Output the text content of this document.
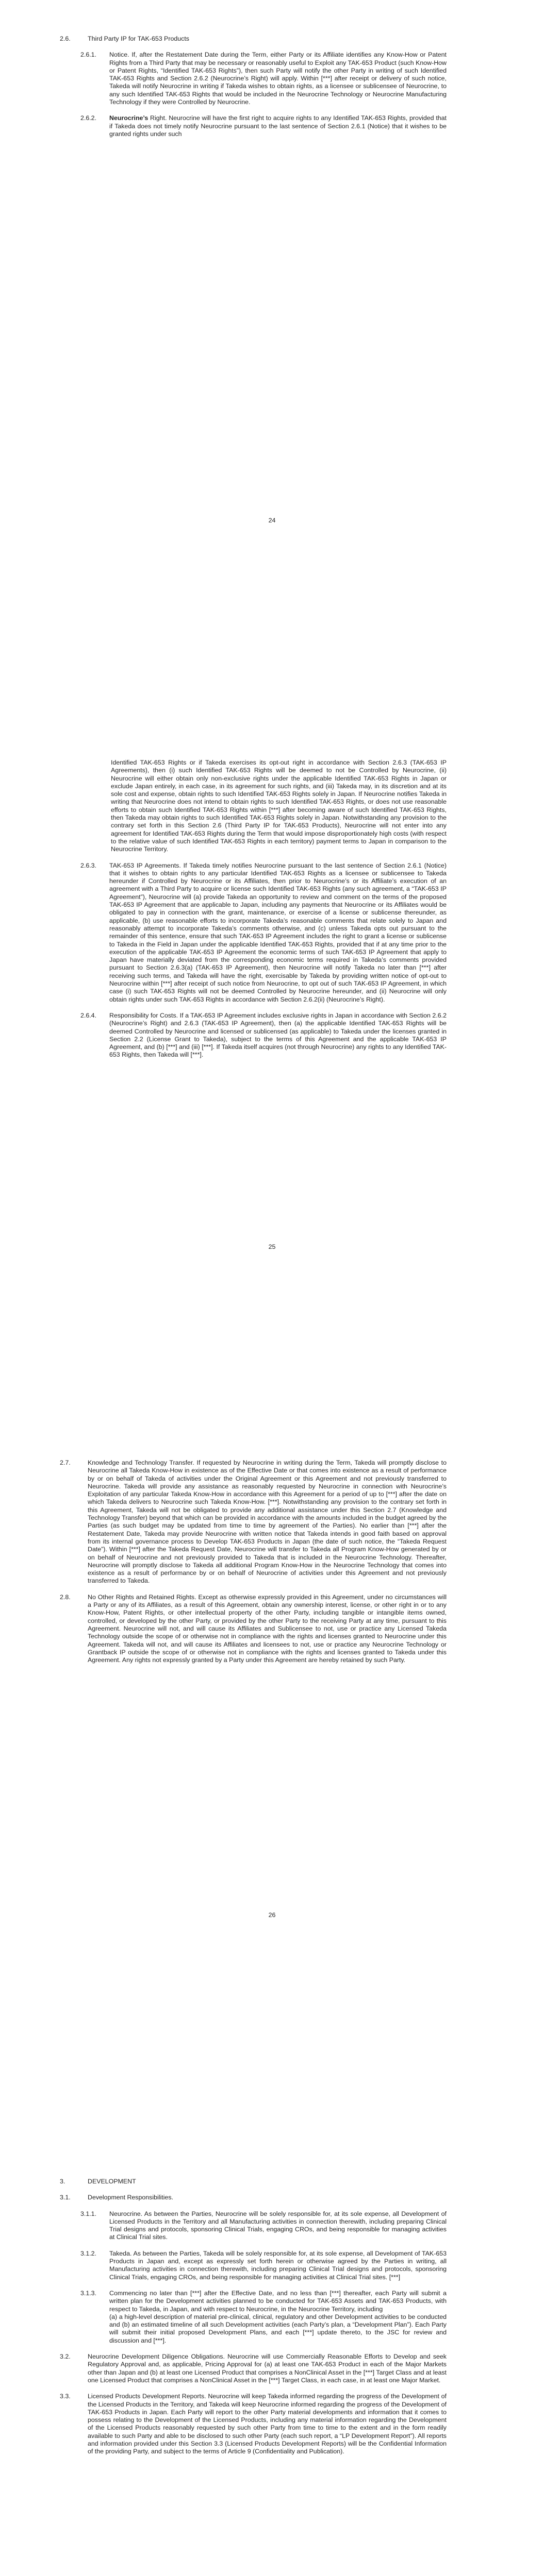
2.6.	Third Party IP for TAK-653 Products
2.6.1.	Notice. If, after the Restatement Date during the Term, either Party or its Affiliate identifies any Know-How or Patent Rights from a Third Party that may be necessary or reasonably useful to Exploit any TAK-653 Product (such Know-How or Patent Rights, “Identified TAK-653 Rights”), then such Party will notify the other Party in writing of such Identified TAK-653 Rights and Section 2.6.2 (Neurocrine’s Right) will apply. Within [***] after receipt or delivery of such notice, Takeda will notify Neurocrine in writing if Takeda wishes to obtain rights, as a licensee or sublicensee of Neurocrine, to any such Identified TAK-653 Rights that would be included in the Neurocrine Technology or Neurocrine Manufacturing Technology if they were Controlled by Neurocrine.
2.6.2.	Neurocrine’s Right. Neurocrine will have the first right to acquire rights to any Identified TAK-653 Rights, provided that if Takeda does not timely notify Neurocrine pursuant to the last sentence of Section 2.6.1 (Notice) that it wishes to be granted rights under such
24
Identified TAK-653 Rights or if Takeda exercises its opt-out right in accordance with Section 2.6.3 (TAK-653 IP Agreements), then (i) such Identified TAK-653 Rights will be deemed to not be Controlled by Neurocrine, (ii) Neurocrine will either obtain only non-exclusive rights under the applicable Identified TAK-653 Rights in Japan or exclude Japan entirely, in each case, in its agreement for such rights, and (iii) Takeda may, in its discretion and at its sole cost and expense, obtain rights to such Identified TAK-653 Rights solely in Japan. If Neurocrine notifies Takeda in writing that Neurocrine does not intend to obtain rights to such Identified TAK-653 Rights, or does not use reasonable efforts to obtain such Identified TAK-653 Rights within [***] after becoming aware of such Identified TAK-653 Rights, then Takeda may obtain rights to such Identified TAK-653 Rights solely in Japan. Notwithstanding any provision to the contrary set forth in this Section 2.6 (Third Party IP for TAK-653 Products), Neurocrine will not enter into any agreement for Identified TAK-653 Rights during the Term that would impose disproportionately high costs (with respect to the relative value of such Identified TAK-653 Rights in each territory) payment terms to Japan in comparison to the Neurocrine Territory.
2.6.3.	TAK-653 IP Agreements. If Takeda timely notifies Neurocrine pursuant to the last sentence of Section 2.6.1 (Notice) that it wishes to obtain rights to any particular Identified TAK-653 Rights as a licensee or sublicensee to Takeda hereunder if Controlled by Neurocrine or its Affiliates, then prior to Neurocrine’s or its Affiliate’s execution of an agreement with a Third Party to acquire or license such Identified TAK-653 Rights (any such agreement, a “TAK-653 IP Agreement”), Neurocrine will (a) provide Takeda an opportunity to review and comment on the terms of the proposed TAK-653 IP Agreement that are applicable to Japan, including any payments that Neurocrine or its Affiliates would be obligated to pay in connection with the grant, maintenance, or exercise of a license or sublicense thereunder, as applicable, (b) use reasonable efforts to incorporate Takeda’s reasonable comments that relate solely to Japan and reasonably attempt to incorporate Takeda’s comments otherwise, and (c) unless Takeda opts out pursuant to the remainder of this sentence, ensure that such TAK-653 IP Agreement includes the right to grant a license or sublicense to Takeda in the Field in Japan under the applicable Identified TAK-653 Rights, provided that if at any time prior to the execution of the applicable TAK-653 IP Agreement the economic terms of such TAK-653 IP Agreement that apply to Japan have materially deviated from the corresponding economic terms required in Takeda’s comments provided pursuant to Section 2.6.3(a) (TAK-653 IP Agreement), then Neurocrine will notify Takeda no later than [***] after receiving such terms, and Takeda will have the right, exercisable by Takeda by providing written notice of opt-out to Neurocrine within [***] after receipt of such notice from Neurocrine, to opt out of such TAK-653 IP Agreement, in which case (i) such TAK-653 Rights will not be deemed Controlled by Neurocrine hereunder, and (ii) Neurocrine will only obtain rights under such TAK-653 Rights in accordance with Section 2.6.2(ii) (Neurocrine’s Right).
2.6.4.	Responsibility for Costs. If a TAK-653 IP Agreement includes exclusive rights in Japan in accordance with Section 2.6.2 (Neurocrine’s Right) and 2.6.3 (TAK-653 IP Agreement), then (a) the applicable Identified TAK-653 Rights will be deemed Controlled by Neurocrine and licensed or sublicensed (as applicable) to Takeda under the licenses granted in Section 2.2 (License Grant to Takeda), subject to the terms of this Agreement and the applicable TAK-653 IP Agreement, and (b) [***] and (iii) [***]. If Takeda itself acquires (not through Neurocrine) any rights to any Identified TAK-653 Rights, then Takeda will [***].
25
2.7.	Knowledge and Technology Transfer. If requested by Neurocrine in writing during the Term, Takeda will promptly disclose to Neurocrine all Takeda Know-How in existence as of the Effective Date or that comes into existence as a result of performance by or on behalf of Takeda of activities under the Original Agreement or this Agreement and not previously transferred to Neurocrine. Takeda will provide any assistance as reasonably requested by Neurocrine in connection with Neurocrine’s Exploitation of any particular Takeda Know-How in accordance with this Agreement for a period of up to [***] after the date on which Takeda delivers to Neurocrine such Takeda Know-How. [***]. Notwithstanding any provision to the contrary set forth in this Agreement, Takeda will not be obligated to provide any additional assistance under this Section 2.7 (Knowledge and Technology Transfer) beyond that which can be provided in accordance with the amounts included in the budget agreed by the Parties (as such budget may be updated from time to time by agreement of the Parties). No earlier than [***] after the Restatement Date, Takeda may provide Neurocrine with written notice that Takeda intends in good faith based on approval from its internal governance process to Develop TAK-653 Products in Japan (the date of such notice, the “Takeda Request Date”). Within [***] after the Takeda Request Date, Neurocrine will transfer to Takeda all Program Know-How generated by or on behalf of Neurocrine and not previously provided to Takeda that is included in the Neurocrine Technology. Thereafter, Neurocrine will promptly disclose to Takeda all additional Program Know-How in the Neurocrine Technology that comes into existence as a result of performance by or on behalf of Neurocrine of activities under this Agreement and not previously transferred to Takeda.
2.8.	No Other Rights and Retained Rights. Except as otherwise expressly provided in this Agreement, under no circumstances will a Party or any of its Affiliates, as a result of this Agreement, obtain any ownership interest, license, or other right in or to any Know-How, Patent Rights, or other intellectual property of the other Party, including tangible or intangible items owned, controlled, or developed by the other Party, or provided by the other Party to the receiving Party at any time, pursuant to this Agreement. Neurocrine will not, and will cause its Affiliates and Sublicensee to not, use or practice any Licensed Takeda Technology outside the scope of or otherwise not in compliance with the rights and licenses granted to Neurocrine under this Agreement. Takeda will not, and will cause its Affiliates and licensees to not, use or practice any Neurocrine Technology or Grantback IP outside the scope of or otherwise not in compliance with the rights and licenses granted to Takeda under this Agreement. Any rights not expressly granted by a Party under this Agreement are hereby retained by such Party.
26
3.	DEVELOPMENT
3.1.	Development Responsibilities.
3.1.1.	Neurocrine. As between the Parties, Neurocrine will be solely responsible for, at its sole expense, all Development of Licensed Products in the Territory and all Manufacturing activities in connection therewith, including preparing Clinical Trial designs and protocols, sponsoring Clinical Trials, engaging CROs, and being responsible for managing activities at Clinical Trial sites.
3.1.2.	Takeda. As between the Parties, Takeda will be solely responsible for, at its sole expense, all Development of TAK-653 Products in Japan and, except as expressly set forth herein or otherwise agreed by the Parties in writing, all Manufacturing activities in connection therewith, including preparing Clinical Trial designs and protocols, sponsoring Clinical Trials, engaging CROs, and being responsible for managing activities at Clinical Trial sites. [***]
3.1.3.	Commencing no later than [***] after the Effective Date, and no less than [***] thereafter, each Party will submit a written plan for the Development activities planned to be conducted for TAK-653 Assets and TAK-653 Products, with respect to Takeda, in Japan, and with respect to Neurocrine, in the Neurocrine Territory, including
(a) a high-level description of material pre-clinical, clinical, regulatory and other Development activities to be conducted and (b) an estimated timeline of all such Development activities (each Party’s plan, a “Development Plan”). Each Party will submit their initial proposed Development Plans, and each [***] update thereto, to the JSC for review and discussion and [***].
3.2.	Neurocrine Development Diligence Obligations. Neurocrine will use Commercially Reasonable Efforts to Develop and seek Regulatory Approval and, as applicable, Pricing Approval for (a) at least one TAK-653 Product in each of the Major Markets other than Japan and (b) at least one Licensed Product that comprises a NonClinical Asset in the [***] Target Class and at least one Licensed Product that comprises a NonClinical Asset in the [***] Target Class, in each case, in at least one Major Market.
3.3.	Licensed Products Development Reports. Neurocrine will keep Takeda informed regarding the progress of the Development of the Licensed Products in the Territory, and Takeda will keep Neurocrine informed regarding the progress of the Development of TAK-653 Products in Japan. Each Party will report to the other Party material developments and information that it comes to possess relating to the Development of the Licensed Products, including any material information regarding the Development of the Licensed Products reasonably requested by such other Party from time to time to the extent and in the form readily available to such Party and able to be disclosed to such other Party (each such report, a “LP Development Report”). All reports and information provided under this Section 3.3 (Licensed Products Development Reports) will be the Confidential Information of the providing Party, and subject to the terms of Article 9 (Confidentiality and Publication).
